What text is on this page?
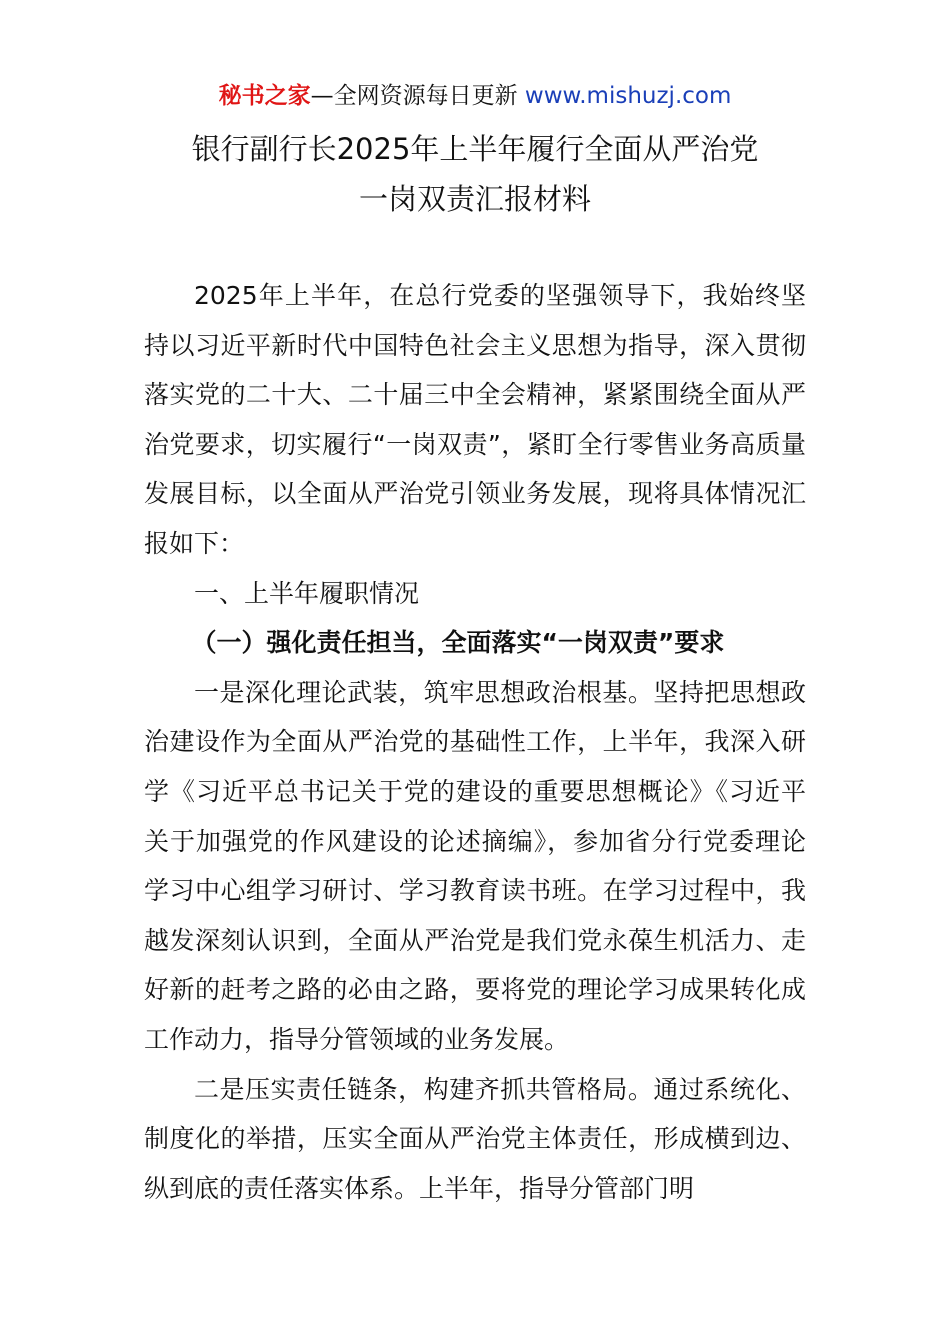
秘书之家—全网资源每日更新 www.mishuzj.com
银行副行长2025年上半年履行全面从严治党
一岗双责汇报材料

2025年上半年，在总行党委的坚强领导下，我始终坚持以习近平新时代中国特色社会主义思想为指导，深入贯彻落实党的二十大、二十届三中全会精神，紧紧围绕全面从严治党要求，切实履行“一岗双责”，紧盯全行零售业务高质量发展目标，以全面从严治党引领业务发展，现将具体情况汇报如下：

一、上半年履职情况

（一）强化责任担当，全面落实“一岗双责”要求

一是深化理论武装，筑牢思想政治根基。坚持把思想政治建设作为全面从严治党的基础性工作，上半年，我深入研学《习近平总书记关于党的建设的重要思想概论》《习近平关于加强党的作风建设的论述摘编》，参加省分行党委理论学习中心组学习研讨、学习教育读书班。在学习过程中，我越发深刻认识到，全面从严治党是我们党永葆生机活力、走好新的赶考之路的必由之路，要将党的理论学习成果转化成工作动力，指导分管领域的业务发展。

二是压实责任链条，构建齐抓共管格局。通过系统化、制度化的举措，压实全面从严治党主体责任，形成横到边、纵到底的责任落实体系。上半年，指导分管部门明
